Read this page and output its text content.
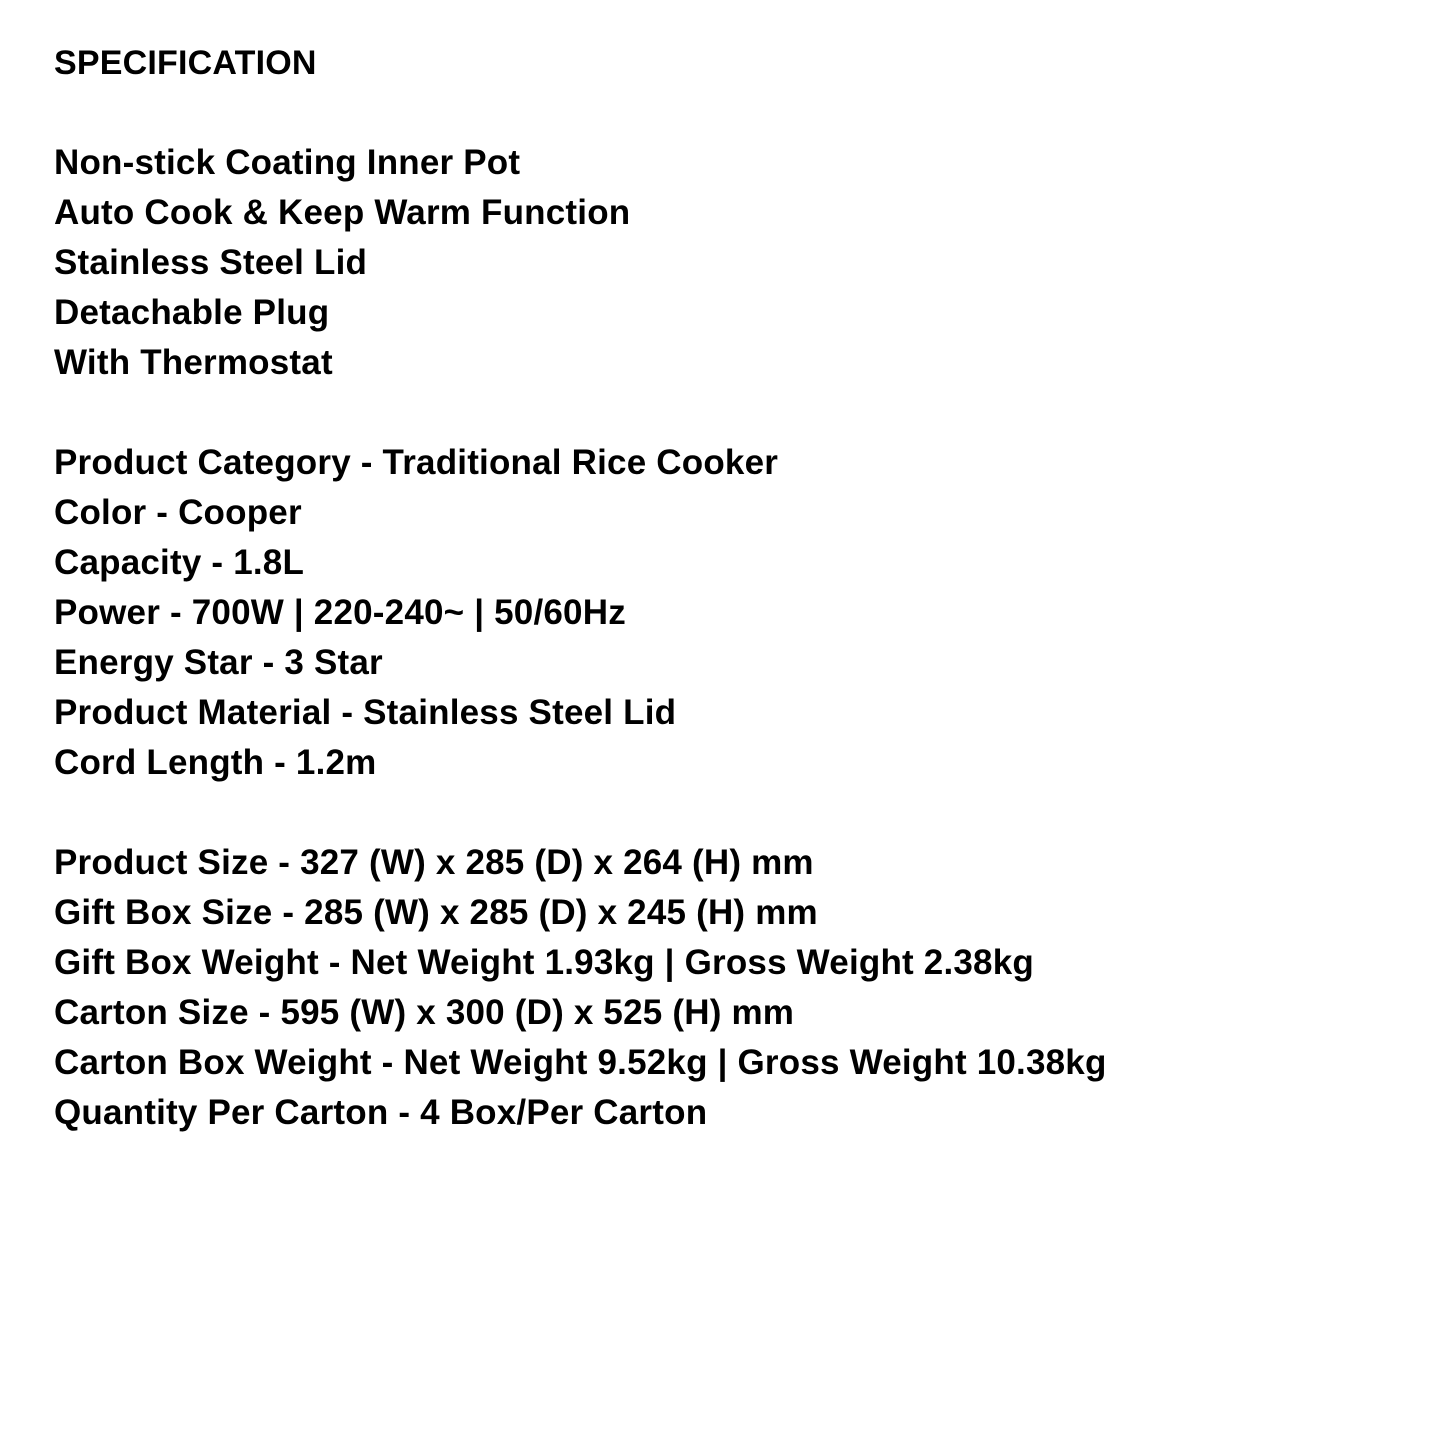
SPECIFICATION
Non-stick Coating Inner Pot
Auto Cook & Keep Warm Function
Stainless Steel Lid
Detachable Plug
With Thermostat
Product Category - Traditional Rice Cooker
Color - Cooper
Capacity - 1.8L
Power - 700W | 220-240~ | 50/60Hz
Energy Star - 3 Star
Product Material - Stainless Steel Lid
Cord Length - 1.2m
Product Size - 327 (W) x 285 (D) x 264 (H) mm
Gift Box Size - 285 (W) x 285 (D) x 245 (H) mm
Gift Box Weight - Net Weight 1.93kg | Gross Weight 2.38kg
Carton Size - 595 (W) x 300 (D) x 525 (H) mm
Carton Box Weight - Net Weight 9.52kg | Gross Weight 10.38kg
Quantity Per Carton - 4 Box/Per Carton
